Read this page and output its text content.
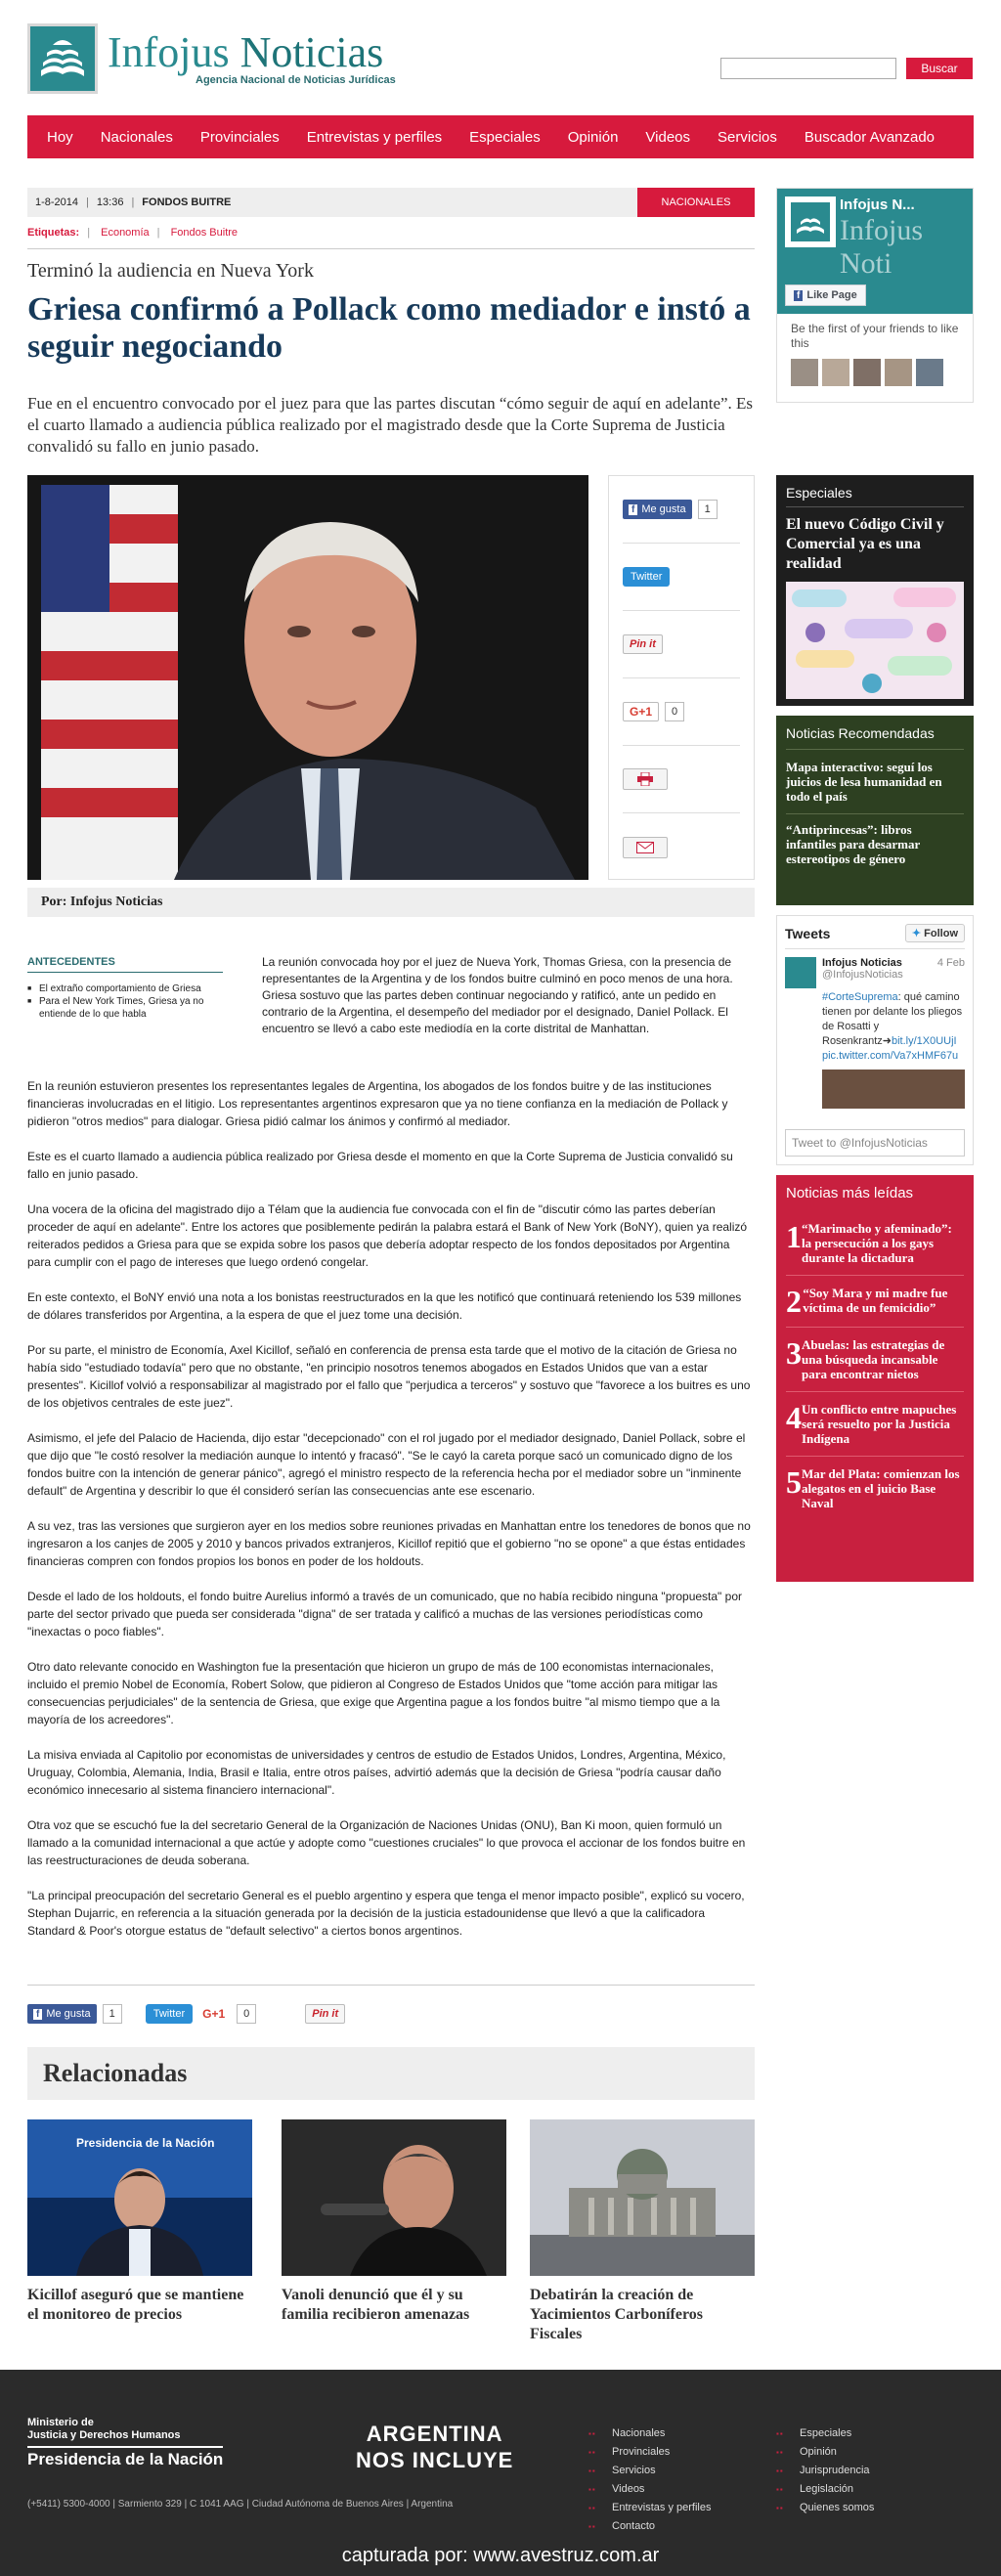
Infojus Noticias
Agencia Nacional de Noticias Jurídicas
Buscar
Hoy	Nacionales	Provinciales	Entrevistas y perfiles	Especiales	Opinión	Videos	Servicios	Buscador Avanzado
1-8-2014 | 13:36 | FONDOS BUITRE	NACIONALES
Etiquetas: | Economía | Fondos Buitre
Terminó la audiencia en Nueva York
Griesa confirmó a Pollack como mediador e instó a seguir negociando
Fue en el encuentro convocado por el juez para que las partes discutan “cómo seguir de aquí en adelante”. Es el cuarto llamado a audiencia pública realizado por el magistrado desde que la Corte Suprema de Justicia convalidó su fallo en junio pasado.
f Me gusta	1
Twitter
Pin it
G+1	0
Por: Infojus Noticias
ANTECEDENTES
■ El extraño comportamiento de Griesa
■ Para el New York Times, Griesa ya no entiende de lo que habla
La reunión convocada hoy por el juez de Nueva York, Thomas Griesa, con la presencia de representantes de la Argentina y de los fondos buitre culminó en poco menos de una hora. Griesa sostuvo que las partes deben continuar negociando y ratificó, ante un pedido en contrario de la Argentina, el desempeño del mediador por el designado, Daniel Pollack. El encuentro se llevó a cabo este mediodía en la corte distrital de Manhattan.

En la reunión estuvieron presentes los representantes legales de Argentina, los abogados de los fondos buitre y de las instituciones financieras involucradas en el litigio. Los representantes argentinos expresaron que ya no tiene confianza en la mediación de Pollack y pidieron "otros medios" para dialogar. Griesa pidió calmar los ánimos y confirmó al mediador.

Este es el cuarto llamado a audiencia pública realizado por Griesa desde el momento en que la Corte Suprema de Justicia convalidó su fallo en junio pasado.

Una vocera de la oficina del magistrado dijo a Télam que la audiencia fue convocada con el fin de "discutir cómo las partes deberían proceder de aquí en adelante". Entre los actores que posiblemente pedirán la palabra estará el Bank of New York (BoNY), quien ya realizó reiterados pedidos a Griesa para que se expida sobre los pasos que debería adoptar respecto de los fondos depositados por Argentina para cumplir con el pago de intereses que luego ordenó congelar.

En este contexto, el BoNY envió una nota a los bonistas reestructurados en la que les notificó que continuará reteniendo los 539 millones de dólares transferidos por Argentina, a la espera de que el juez tome una decisión.

Por su parte, el ministro de Economía, Axel Kicillof, señaló en conferencia de prensa esta tarde que el motivo de la citación de Griesa no había sido "estudiado todavía" pero que no obstante, "en principio nosotros tenemos abogados en Estados Unidos que van a estar presentes". Kicillof volvió a responsabilizar al magistrado por el fallo que "perjudica a terceros" y sostuvo que "favorece a los buitres es uno de los objetivos centrales de este juez".

Asimismo, el jefe del Palacio de Hacienda, dijo estar "decepcionado" con el rol jugado por el mediador designado, Daniel Pollack, sobre el que dijo que "le costó resolver la mediación aunque lo intentó y fracasó". "Se le cayó la careta porque sacó un comunicado digno de los fondos buitre con la intención de generar pánico", agregó el ministro respecto de la referencia hecha por el mediador sobre un "inminente default" de Argentina y describir lo que él consideró serían las consecuencias ante ese escenario.

A su vez, tras las versiones que surgieron ayer en los medios sobre reuniones privadas en Manhattan entre los tenedores de bonos que no ingresaron a los canjes de 2005 y 2010 y bancos privados extranjeros, Kicillof repitió que el gobierno "no se opone" a que éstas entidades financieras compren con fondos propios los bonos en poder de los holdouts.

Desde el lado de los holdouts, el fondo buitre Aurelius informó a través de un comunicado, que no había recibido ninguna "propuesta" por parte del sector privado que pueda ser considerada "digna" de ser tratada y calificó a muchas de las versiones periodísticas como "inexactas o poco fiables".

Otro dato relevante conocido en Washington fue la presentación que hicieron un grupo de más de 100 economistas internacionales, incluido el premio Nobel de Economía, Robert Solow, que pidieron al Congreso de Estados Unidos que "tome acción para mitigar las consecuencias perjudiciales" de la sentencia de Griesa, que exige que Argentina pague a los fondos buitre "al mismo tiempo que a la mayoría de los acreedores".

La misiva enviada al Capitolio por economistas de universidades y centros de estudio de Estados Unidos, Londres, Argentina, México, Uruguay, Colombia, Alemania, India, Brasil e Italia, entre otros países, advirtió además que la decisión de Griesa "podría causar daño económico innecesario al sistema financiero internacional".

Otra voz que se escuchó fue la del secretario General de la Organización de Naciones Unidas (ONU), Ban Ki moon, quien formuló un llamado a la comunidad internacional a que actúe y adopte como "cuestiones cruciales" lo que provoca el accionar de los fondos buitre en las reestructuraciones de deuda soberana.

"La principal preocupación del secretario General es el pueblo argentino y espera que tenga el menor impacto posible", explicó su vocero, Stephan Dujarric, en referencia a la situación generada por la decisión de la justicia estadounidense que llevó a que la calificadora Standard & Poor's otorgue estatus de "default selectivo" a ciertos bonos argentinos.

f Me gusta	1	Twitter	G+1	0	Pin it
Relacionadas
Presidencia de la Nación
Kicillof aseguró que se mantiene el monitoreo de precios
Vanoli denunció que él y su familia recibieron amenazas
Debatirán la creación de Yacimientos Carboníferos Fiscales
Infojus N...
Infojus Noti
f Like Page
Be the first of your friends to like this
Especiales
El nuevo Código Civil y Comercial ya es una realidad
Noticias Recomendadas
Mapa interactivo: seguí los juicios de lesa humanidad en todo el país
“Antiprincesas”: libros infantiles para desarmar estereotipos de género
Tweets	✦ Follow
Infojus Noticias
@InfojusNoticias
4 Feb
#CorteSuprema: qué camino tienen por delante los pliegos de Rosatti y Rosenkrantz➜bit.ly/1X0UUjI pic.twitter.com/Va7xHMF67u
Tweet to @InfojusNoticias
Noticias más leídas
1 “Marimacho y afeminado”: la persecución a los gays durante la dictadura
2 “Soy Mara y mi madre fue víctima de un femicidio”
3 Abuelas: las estrategias de una búsqueda incansable para encontrar nietos
4 Un conflicto entre mapuches será resuelto por la Justicia Indígena
5 Mar del Plata: comienzan los alegatos en el juicio Base Naval
Ministerio de
Justicia y Derechos Humanos
Presidencia de la Nación
(+5411) 5300-4000 | Sarmiento 329 | C 1041 AAG | Ciudad Autónoma de Buenos Aires | Argentina
ARGENTINA
NOS INCLUYE
▪▪ Nacionales
▪▪ Provinciales
▪▪ Servicios
▪▪ Videos
▪▪ Entrevistas y perfiles
▪▪ Contacto
▪▪ Especiales
▪▪ Opinión
▪▪ Jurisprudencia
▪▪ Legislación
▪▪ Quienes somos
capturada por: www.avestruz.com.ar
